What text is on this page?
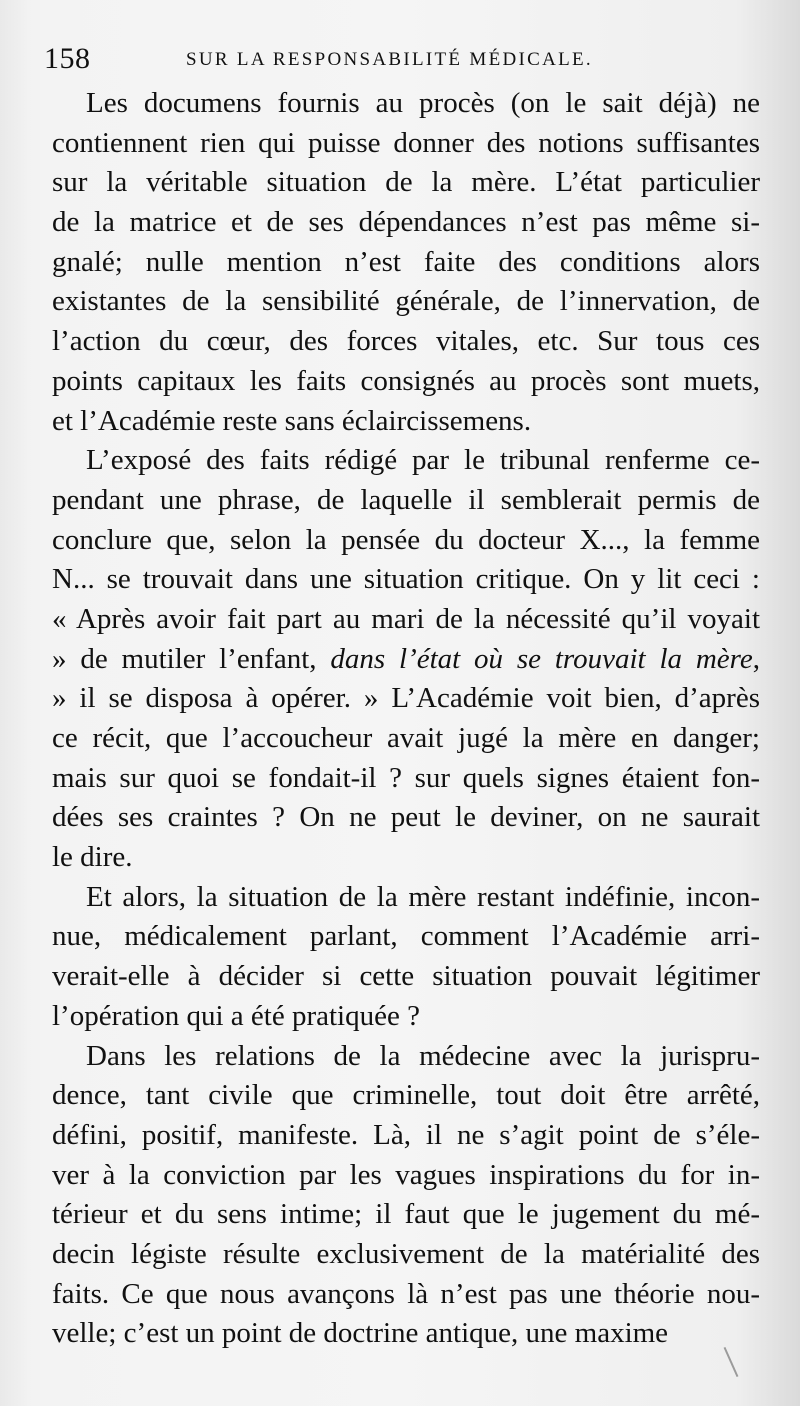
158	SUR LA RESPONSABILITÉ MÉDICALE.
Les documens fournis au procès (on le sait déjà) ne
contiennent rien qui puisse donner des notions suffisantes
sur la véritable situation de la mère. L’état particulier
de la matrice et de ses dépendances n’est pas même si-
gnalé; nulle mention n’est faite des conditions alors
existantes de la sensibilité générale, de l’innervation, de
l’action du cœur, des forces vitales, etc. Sur tous ces
points capitaux les faits consignés au procès sont muets,
et l’Académie reste sans éclaircissemens.
L’exposé des faits rédigé par le tribunal renferme ce-
pendant une phrase, de laquelle il semblerait permis de
conclure que, selon la pensée du docteur X..., la femme
N... se trouvait dans une situation critique. On y lit ceci :
« Après avoir fait part au mari de la nécessité qu’il voyait
» de mutiler l’enfant, dans l’état où se trouvait la mère,
» il se disposa à opérer. » L’Académie voit bien, d’après
ce récit, que l’accoucheur avait jugé la mère en danger;
mais sur quoi se fondait-il ? sur quels signes étaient fon-
dées ses craintes ? On ne peut le deviner, on ne saurait
le dire.
Et alors, la situation de la mère restant indéfinie, incon-
nue, médicalement parlant, comment l’Académie arri-
verait-elle à décider si cette situation pouvait légitimer
l’opération qui a été pratiquée ?
Dans les relations de la médecine avec la jurispru-
dence, tant civile que criminelle, tout doit être arrêté,
défini, positif, manifeste. Là, il ne s’agit point de s’éle-
ver à la conviction par les vagues inspirations du for in-
térieur et du sens intime; il faut que le jugement du mé-
decin légiste résulte exclusivement de la matérialité des
faits. Ce que nous avançons là n’est pas une théorie nou-
velle; c’est un point de doctrine antique, une maxime
